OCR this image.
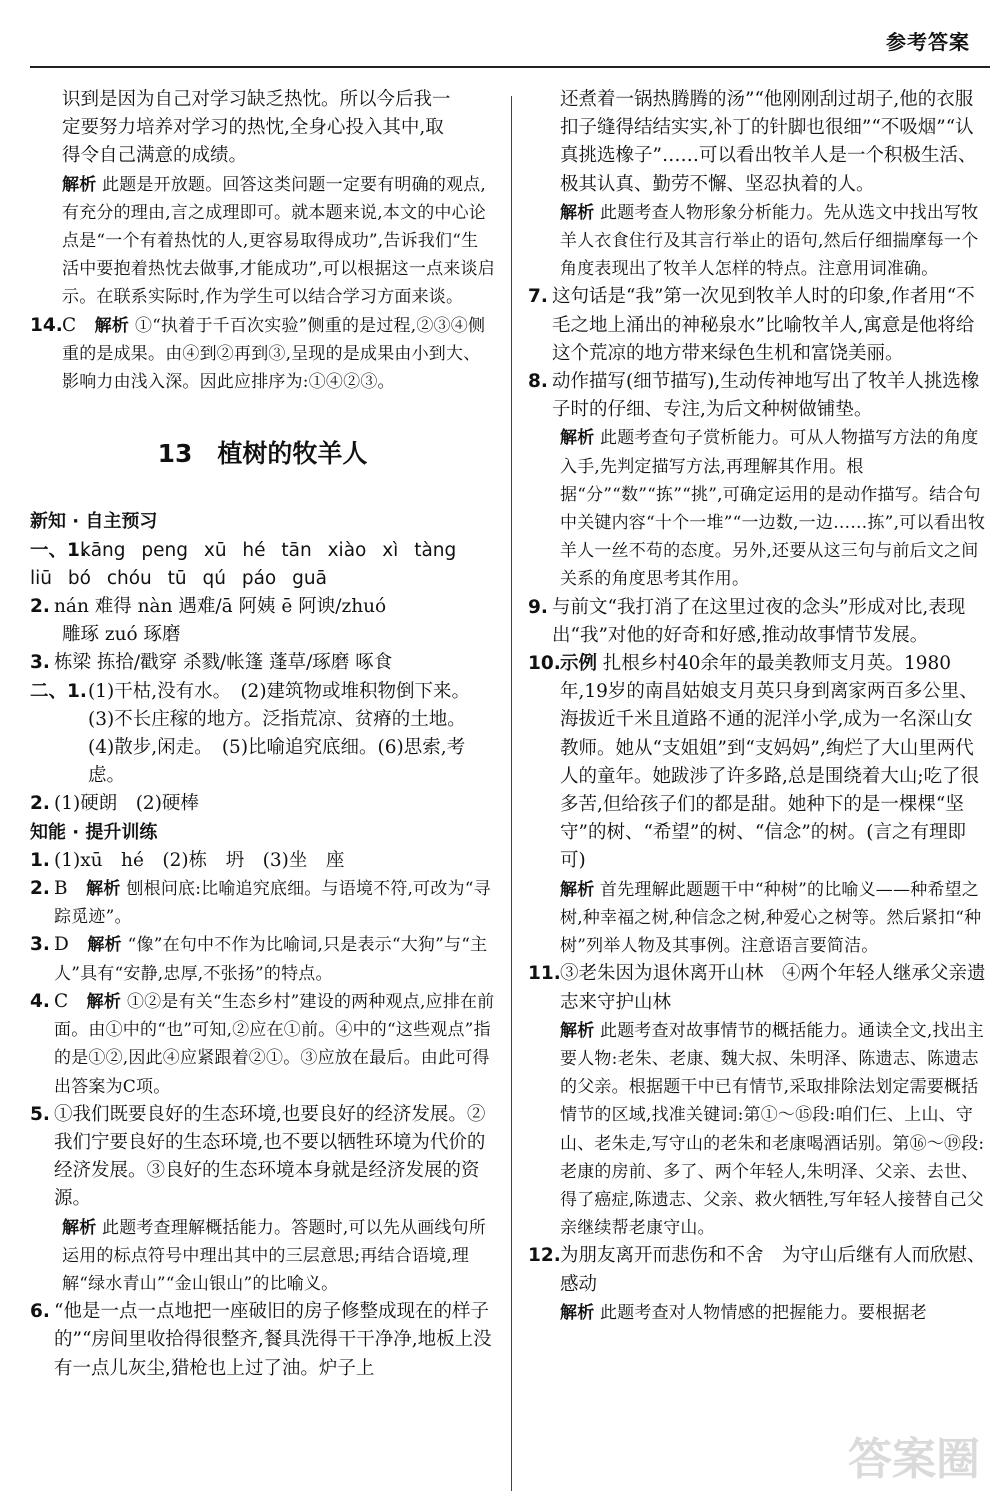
参考答案

识到是因为自己对学习缺乏热忱。所以今后我一

定要努力培养对学习的热忱,全身心投入其中,取

得令自己满意的成绩。

解析 此题是开放题。回答这类问题一定要有明确的观点,有充分的理由,言之成理即可。就本题来说,本文的中心论点是“一个有着热忱的人,更容易取得成功”,告诉我们“生活中要抱着热忱去做事,才能成功”,可以根据这一点来谈启示。在联系实际时,作为学生可以结合学习方面来谈。

14. C　 解析 ①“执着于千百次实验”侧重的是过程,②③④侧重的是成果。由④到②再到③,呈现的是成果由小到大、影响力由浅入深。因此应排序为:①④②③。

13　植树的牧羊人
新知 · 自主预习
一、1.

kāng peng xū hé tān xiào xì tàng

liū bó chóu tū qú páo guā

2. nán 难得 nàn 遇难/ā 阿姨 ē 阿谀/zhuó

雕琢 zuó 琢磨

3. 栋梁 拣拾/戳穿 杀戮/帐篷 蓬草/琢磨 啄食

二、1. (1)干枯,没有水。　(2)建筑物或堆积物倒下来。　(3)不长庄稼的地方。泛指荒凉、贫瘠的土地。　(4)散步,闲走。　(5)比喻追究底细。(6)思索,考虑。

2. (1)硬朗　(2)硬棒

知能 · 提升训练
1. (1)xū　hé　(2)栋　坍　(3)坐　座

2. B　 解析 刨根问底:比喻追究底细。与语境不符,可改为“寻踪觅迹”。

3. D　 解析 “像”在句中不作为比喻词,只是表示“大狗”与“主人”具有“安静,忠厚,不张扬”的特点。

4. C　 解析 ①②是有关“生态乡村”建设的两种观点,应排在前面。由①中的“也”可知,②应在①前。④中的“这些观点”指的是①②,因此④应紧跟着②①。③应放在最后。由此可得出答案为C项。

5. ①我们既要良好的生态环境,也要良好的经济发展。②我们宁要良好的生态环境,也不要以牺牲环境为代价的经济发展。③良好的生态环境本身就是经济发展的资源。

解析 此题考查理解概括能力。答题时,可以先从画线句所运用的标点符号中理出其中的三层意思;再结合语境,理解“绿水青山”“金山银山”的比喻义。

6. “他是一点一点地把一座破旧的房子修整成现在的样子的”“房间里收拾得很整齐,餐具洗得干干净净,地板上没有一点儿灰尘,猎枪也上过了油。炉子上

还煮着一锅热腾腾的汤”“他刚刚刮过胡子,他的衣服扣子缝得结结实实,补丁的针脚也很细”“不吸烟”“认真挑选橡子”……可以看出牧羊人是一个积极生活、极其认真、勤劳不懈、坚忍执着的人。

解析 此题考查人物形象分析能力。先从选文中找出写牧羊人衣食住行及其言行举止的语句,然后仔细揣摩每一个角度表现出了牧羊人怎样的特点。注意用词准确。

7. 这句话是“我”第一次见到牧羊人时的印象,作者用“不毛之地上涌出的神秘泉水”比喻牧羊人,寓意是他将给这个荒凉的地方带来绿色生机和富饶美丽。

8. 动作描写(细节描写),生动传神地写出了牧羊人挑选橡子时的仔细、专注,为后文种树做铺垫。

解析 此题考查句子赏析能力。可从人物描写方法的角度入手,先判定描写方法,再理解其作用。根据“分”“数”“拣”“挑”,可确定运用的是动作描写。结合句中关键内容“十个一堆”“一边数,一边……拣”,可以看出牧羊人一丝不苟的态度。另外,还要从这三句与前后文之间关系的角度思考其作用。

9. 与前文“我打消了在这里过夜的念头”形成对比,表现出“我”对他的好奇和好感,推动故事情节发展。

10. 示例 扎根乡村40余年的最美教师支月英。1980年,19岁的南昌姑娘支月英只身到离家两百多公里、海拔近千米且道路不通的泥洋小学,成为一名深山女教师。她从“支姐姐”到“支妈妈”,绚烂了大山里两代人的童年。她跋涉了许多路,总是围绕着大山;吃了很多苦,但给孩子们的都是甜。她种下的是一棵棵“坚守”的树、“希望”的树、“信念”的树。(言之有理即可)

解析 首先理解此题题干中“种树”的比喻义——种希望之树,种幸福之树,种信念之树,种爱心之树等。然后紧扣“种树”列举人物及其事例。注意语言要简洁。

11. ③老朱因为退休离开山林　④两个年轻人继承父亲遗志来守护山林

解析 此题考查对故事情节的概括能力。通读全文,找出主要人物:老朱、老康、魏大叔、朱明泽、陈遗志、陈遗志的父亲。根据题干中已有情节,采取排除法划定需要概括情节的区域,找准关键词:第①～⑮段:咱们仨、上山、守山、老朱走,写守山的老朱和老康喝酒话别。第⑯～⑲段:老康的房前、多了、两个年轻人,朱明泽、父亲、去世、得了癌症,陈遗志、父亲、救火牺牲,写年轻人接替自己父亲继续帮老康守山。

12. 为朋友离开而悲伤和不舍　为守山后继有人而欣慰、感动

解析 此题考查对人物情感的把握能力。要根据老

答案圈
